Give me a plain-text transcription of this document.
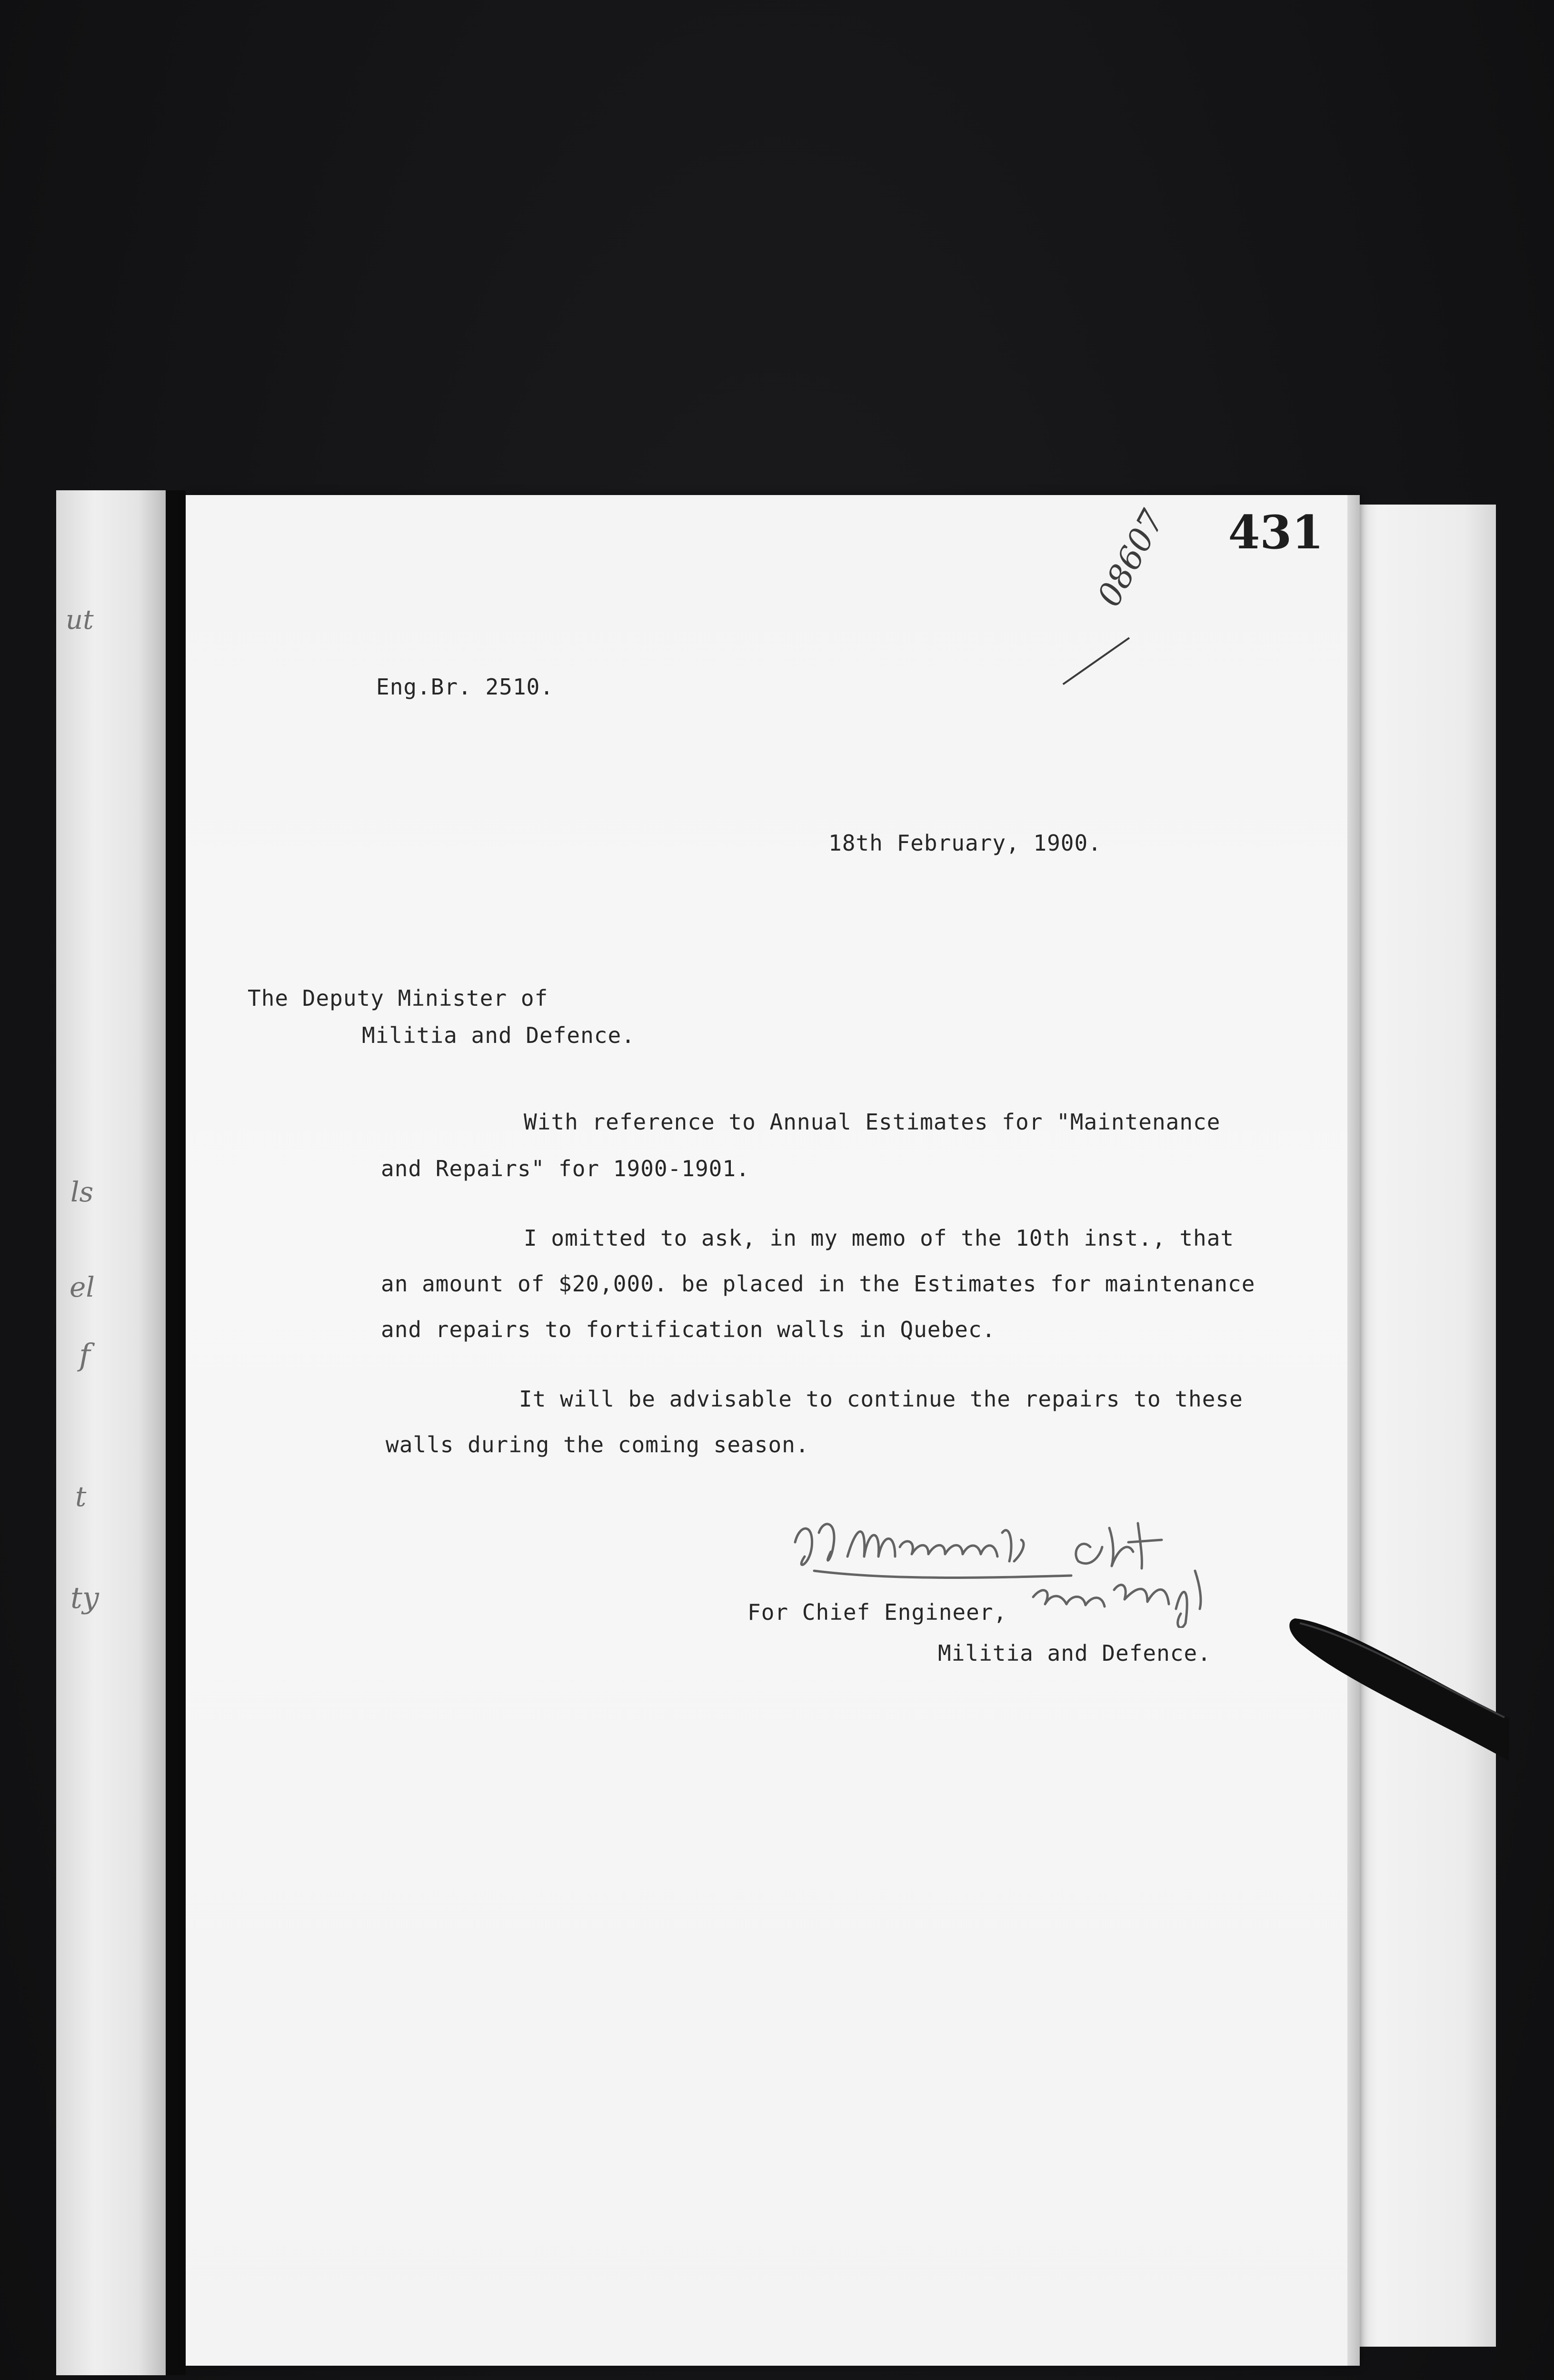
ut
ls
el
f
t
ty
431
08607
Eng.Br. 2510.
18th February, 1900.
The Deputy Minister of
Militia and Defence.
With reference to Annual Estimates for "Maintenance
and Repairs" for 1900-1901.
I omitted to ask, in my memo of the 10th inst., that
an amount of $20,000. be placed in the Estimates for maintenance
and repairs to fortification walls in Quebec.
It will be advisable to continue the repairs to these
walls during the coming season.
For Chief Engineer,
Militia and Defence.
